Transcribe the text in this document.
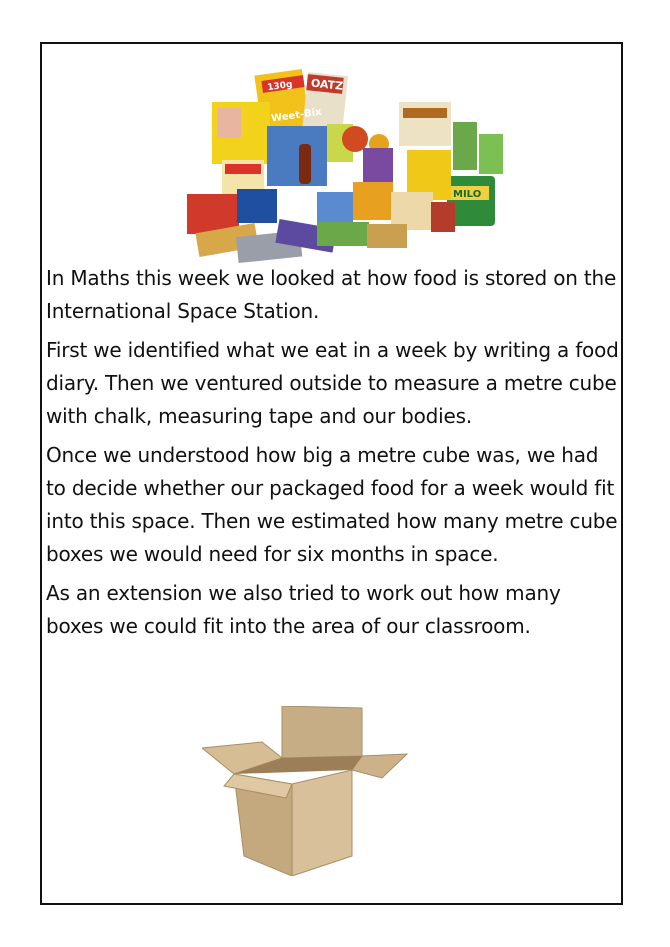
130g
Weet-Bix
OATZ
MILO

In Maths this week we looked at how food is stored on the International Space Station.

First we identified what we eat in a week by writing a food diary. Then we ventured outside to measure a metre cube with chalk, measuring tape and our bodies.

Once we understood how big a metre cube was, we had to decide whether our packaged food for a week would fit into this space. Then we estimated how many metre cube boxes we would need for six months in space.

As an extension we also tried to work out how many boxes we could fit into the area of our classroom.
